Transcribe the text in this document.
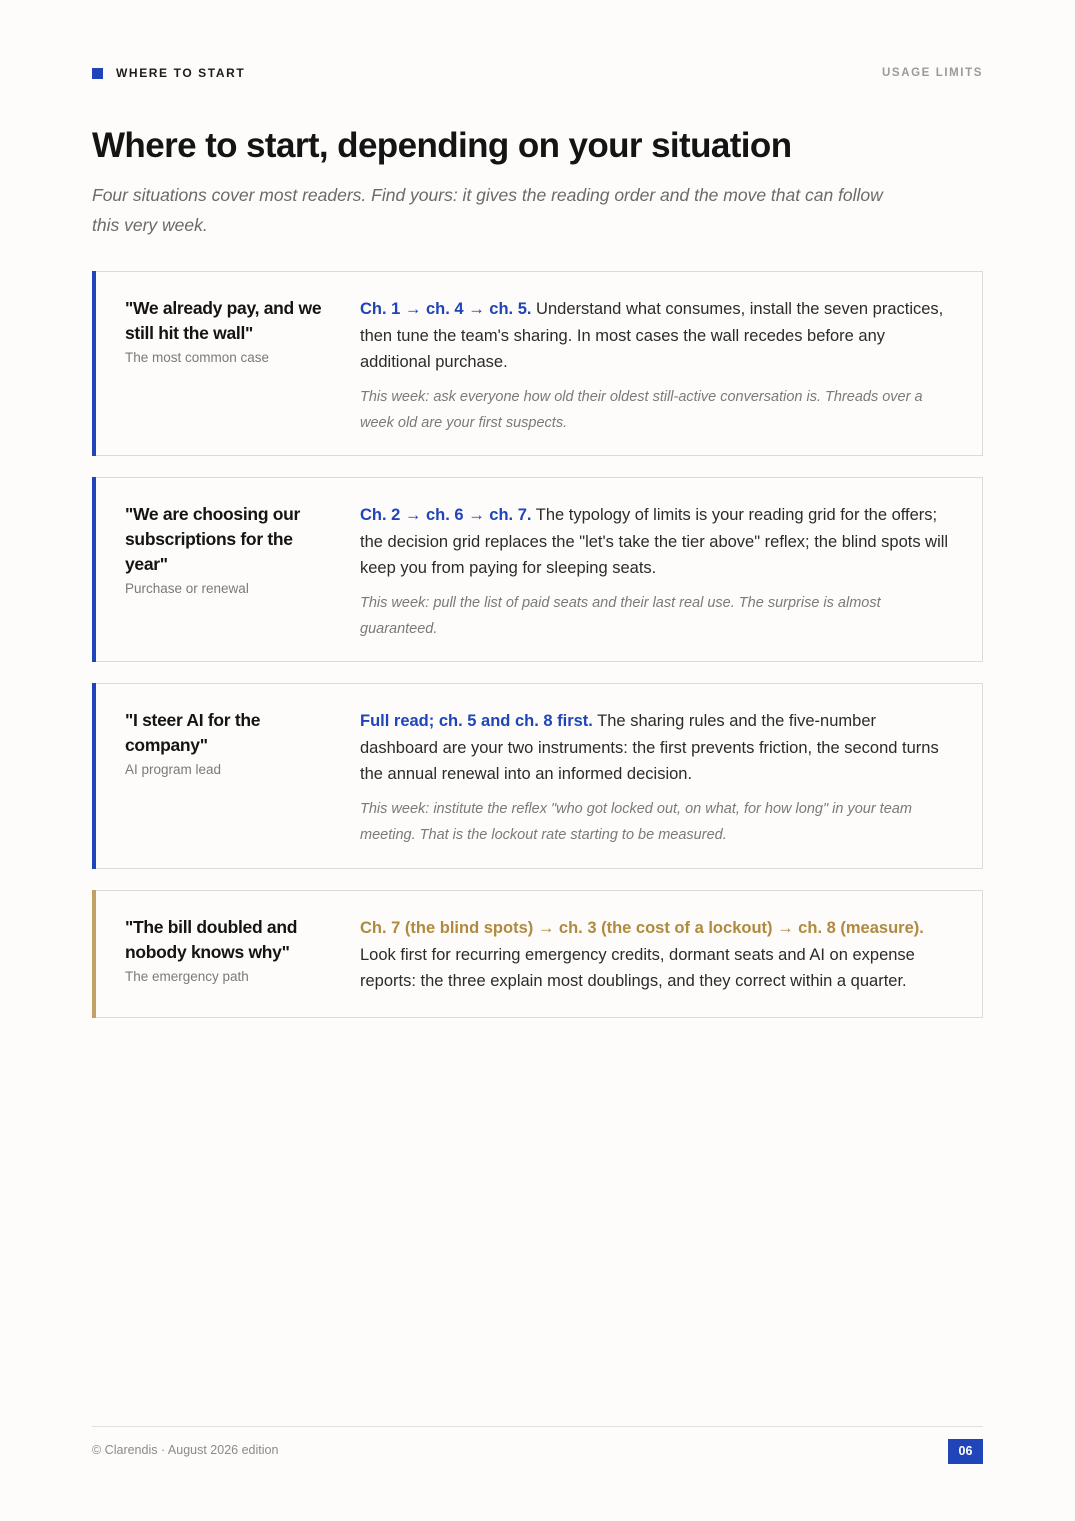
WHERE TO START	USAGE LIMITS
Where to start, depending on your situation

Four situations cover most readers. Find yours: it gives the reading order and the move that can follow this very week.

"We already pay, and we still hit the wall"
The most common case

Ch. 1 → ch. 4 → ch. 5. Understand what consumes, install the seven practices, then tune the team's sharing. In most cases the wall recedes before any additional purchase.

This week: ask everyone how old their oldest still-active conversation is. Threads over a week old are your first suspects.

"We are choosing our subscriptions for the year"
Purchase or renewal

Ch. 2 → ch. 6 → ch. 7. The typology of limits is your reading grid for the offers; the decision grid replaces the "let's take the tier above" reflex; the blind spots will keep you from paying for sleeping seats.

This week: pull the list of paid seats and their last real use. The surprise is almost guaranteed.

"I steer AI for the company"
AI program lead

Full read; ch. 5 and ch. 8 first. The sharing rules and the five-number dashboard are your two instruments: the first prevents friction, the second turns the annual renewal into an informed decision.

This week: institute the reflex "who got locked out, on what, for how long" in your team meeting. That is the lockout rate starting to be measured.

"The bill doubled and nobody knows why"
The emergency path

Ch. 7 (the blind spots) → ch. 3 (the cost of a lockout) → ch. 8 (measure). Look first for recurring emergency credits, dormant seats and AI on expense reports: the three explain most doublings, and they correct within a quarter.

© Clarendis · August 2026 edition	06
